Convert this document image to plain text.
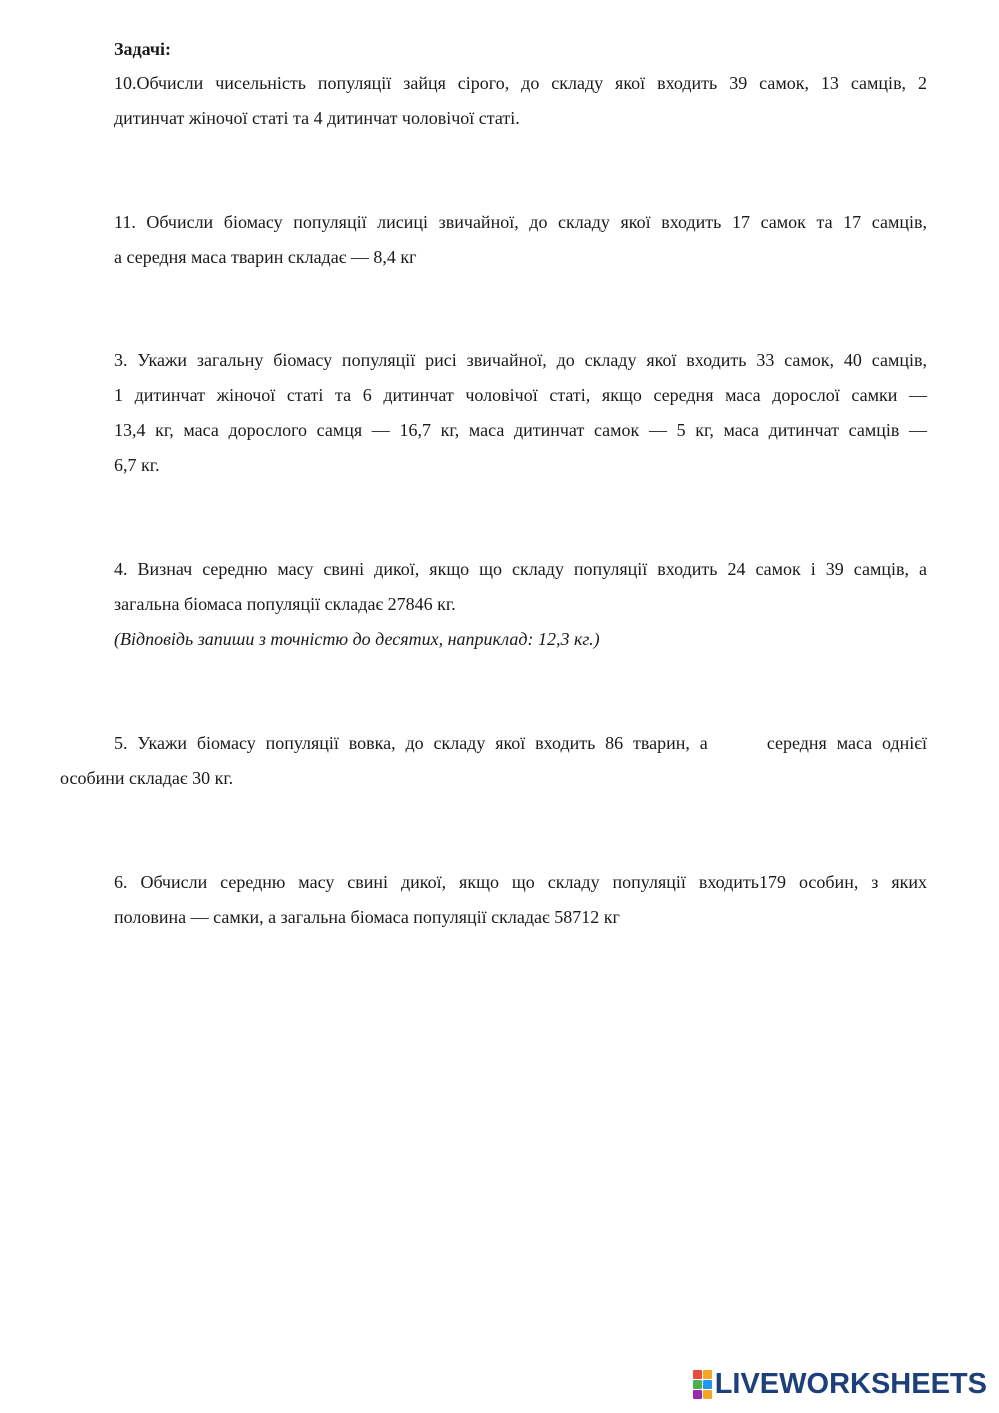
Задачі:

10.Обчисли чисельність популяції зайця сірого, до складу якої входить 39 самок, 13 самців, 2
дитинчат жіночої статі та 4 дитинчат чоловічої статі.

11. Обчисли біомасу популяції лисиці звичайної, до складу якої входить 17 самок та 17 самців,
а середня маса тварин складає — 8,4 кг

3. Укажи загальну біомасу популяції рисі звичайної, до складу якої входить 33 самок, 40 самців,
1 дитинчат жіночої статі та 6 дитинчат чоловічої статі, якщо середня маса дорослої самки —
13,4 кг, маса дорослого самця — 16,7 кг, маса дитинчат самок — 5 кг, маса дитинчат самців —
6,7 кг.

4. Визнач середню масу свині дикої, якщо що складу популяції входить 24 самок і 39 самців, а
загальна біомаса популяції складає 27846 кг.
(Відповідь запиши з точністю до десятих, наприклад: 12,3 кг.)

5. Укажи біомасу популяції вовка, до складу якої входить 86 тварин, а      середня маса однієї
особини складає 30 кг.

6. Обчисли середню масу свині дикої, якщо що складу популяції входить179 особин, з яких
половина — самки, а загальна біомаса популяції складає 58712 кг

LIVEWORKSHEETS
